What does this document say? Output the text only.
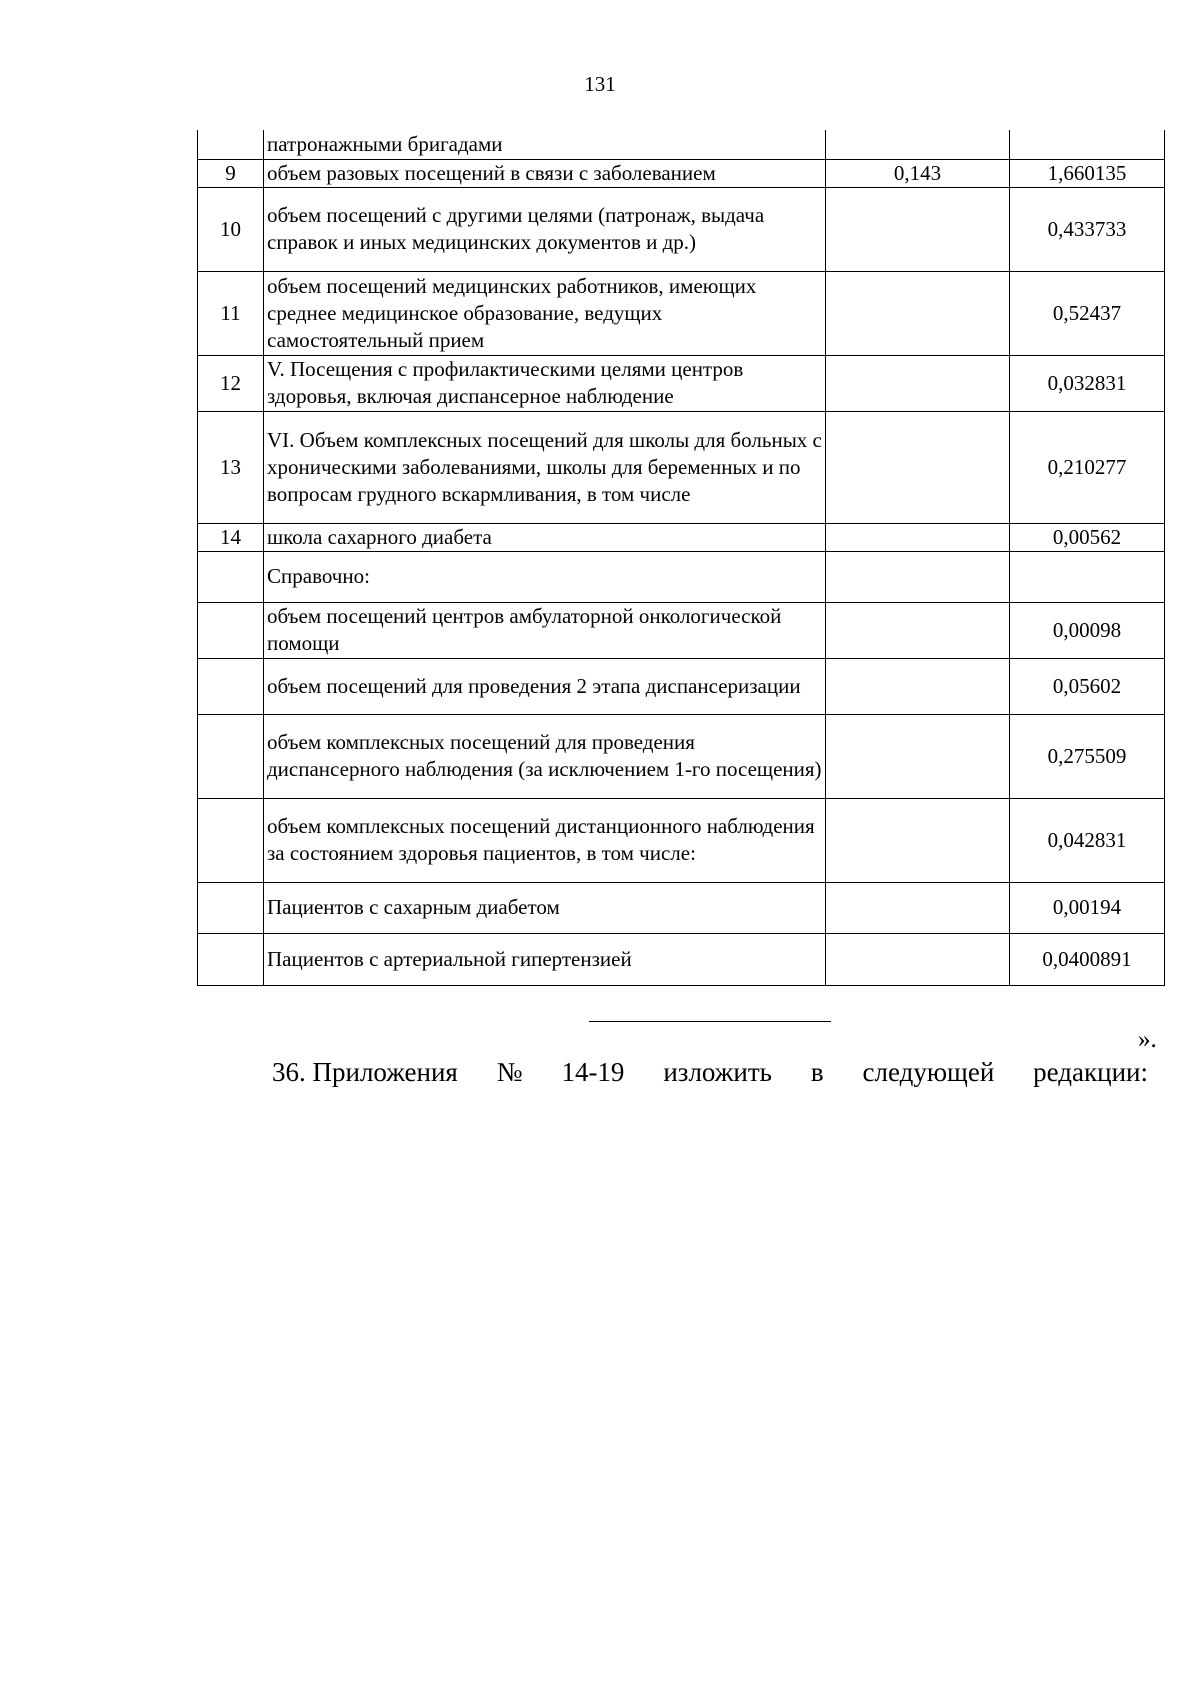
131
	патронажными бригадами		
9	объем разовых посещений в связи с заболеванием	0,143	1,660135
10	объем посещений с другими целями (патронаж, выдача справок и иных медицинских документов и др.)		0,433733
11	объем посещений медицинских работников, имеющих среднее медицинское образование, ведущих самостоятельный прием		0,52437
12	V. Посещения с профилактическими целями центров здоровья, включая диспансерное наблюдение		0,032831
13	VI. Объем комплексных посещений для школы для больных с хроническими заболеваниями, школы для беременных и по вопросам грудного вскармливания, в том числе		0,210277
14	школа сахарного диабета		0,00562
	Справочно:		
	объем посещений центров амбулаторной онкологической помощи		0,00098
	объем посещений для проведения 2 этапа диспансеризации		0,05602
	объем комплексных посещений для проведения диспансерного наблюдения (за исключением 1-го посещения)		0,275509
	объем комплексных посещений дистанционного наблюдения за состоянием здоровья пациентов, в том числе:		0,042831
	Пациентов с сахарным диабетом		0,00194
	Пациентов с артериальной гипертензией		0,0400891
».
36. Приложения № 14-19 изложить в следующей редакции:
